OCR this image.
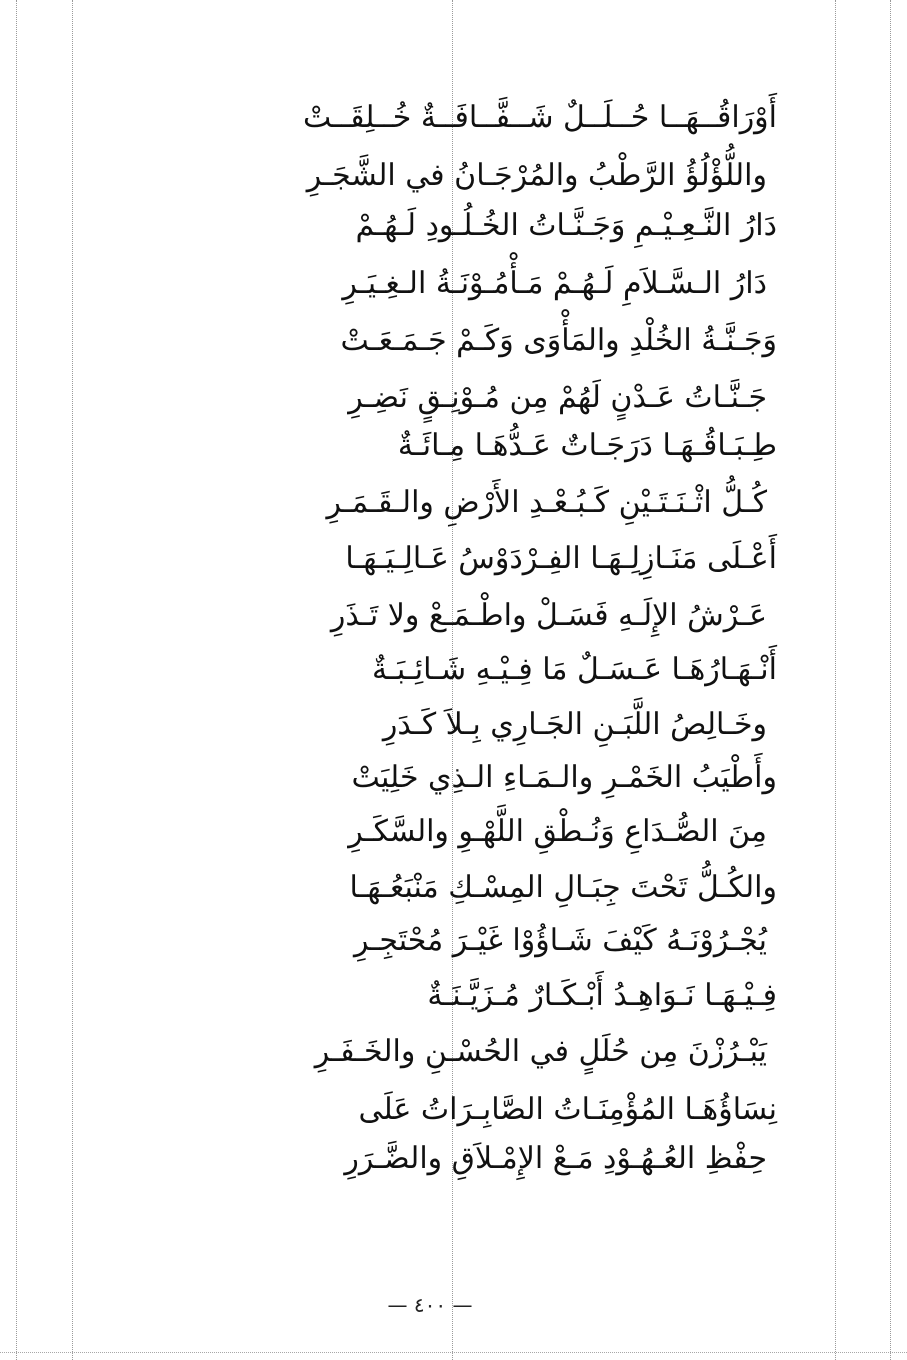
أَوْرَاقُــهَــا حُــلَــلٌ شَــفَّــافَــةٌ خُــلِقَــتْ
واللُّؤْلُؤُ الرَّطْبُ والمُرْجَـانُ في الشَّجَـرِ
دَارُ النَّـعِـيْـمِ وَجَـنَّـاتُ الخُـلُـودِ لَـهُـمْ
دَارُ الـسَّـلاَمِ لَـهُـمْ مَـأْمُـوْنَـةُ الـغِـيَـرِ
وَجَـنَّـةُ الخُلْدِ والمَأْوَى وَكَـمْ جَـمَـعَـتْ
جَـنَّـاتُ عَـدْنٍ لَهُمْ مِن مُـوْنِـقٍ نَضِـرِ
طِـبَـاقُـهَـا دَرَجَـاتٌ عَـدُّهَـا مِـائَـةٌ
كُـلُّ اثْـنَـتَـيْنِ كَـبُـعْـدِ الأَرْضِ والـقَـمَـرِ
أَعْـلَى مَنَـازِلِـهَـا الفِـرْدَوْسُ عَـالِـيَـهَـا
عَـرْشُ الإِلَـهِ فَسَـلْ واطْـمَـعْ ولا تَـذَرِ
أَنْـهَـارُهَـا عَـسَـلٌ مَا فِـيْـهِ شَـائِـبَـةٌ
وخَـالِصُ اللَّبَـنِ الجَـارِي بِـلاَ كَـدَرِ
وأَطْيَبُ الخَمْـرِ والـمَـاءِ الـذِي خَلِيَتْ
مِنَ الصُّـدَاعِ وَنُـطْقِ اللَّهْـوِ والسَّكَـرِ
والكُـلُّ تَحْتَ جِبَـالِ المِسْـكِ مَنْبَعُـهَـا
يُجْـرُوْنَـهُ كَيْفَ شَـاؤُوْا غَيْـرَ مُحْتَجِـرِ
فِـيْـهَـا نَـوَاهِـدُ أَبْـكَـارٌ مُـزَيَّـنَـةٌ
يَبْـرُزْنَ مِن حُلَلٍ في الحُسْـنِ والخَـفَـرِ
نِسَاؤُهَـا المُؤْمِنَـاتُ الصَّابِـرَاتُ عَلَى
حِفْظِ العُـهُـوْدِ مَـعْ الإِمْـلاَقِ والضَّـرَرِ
— ٤٠٠ —
